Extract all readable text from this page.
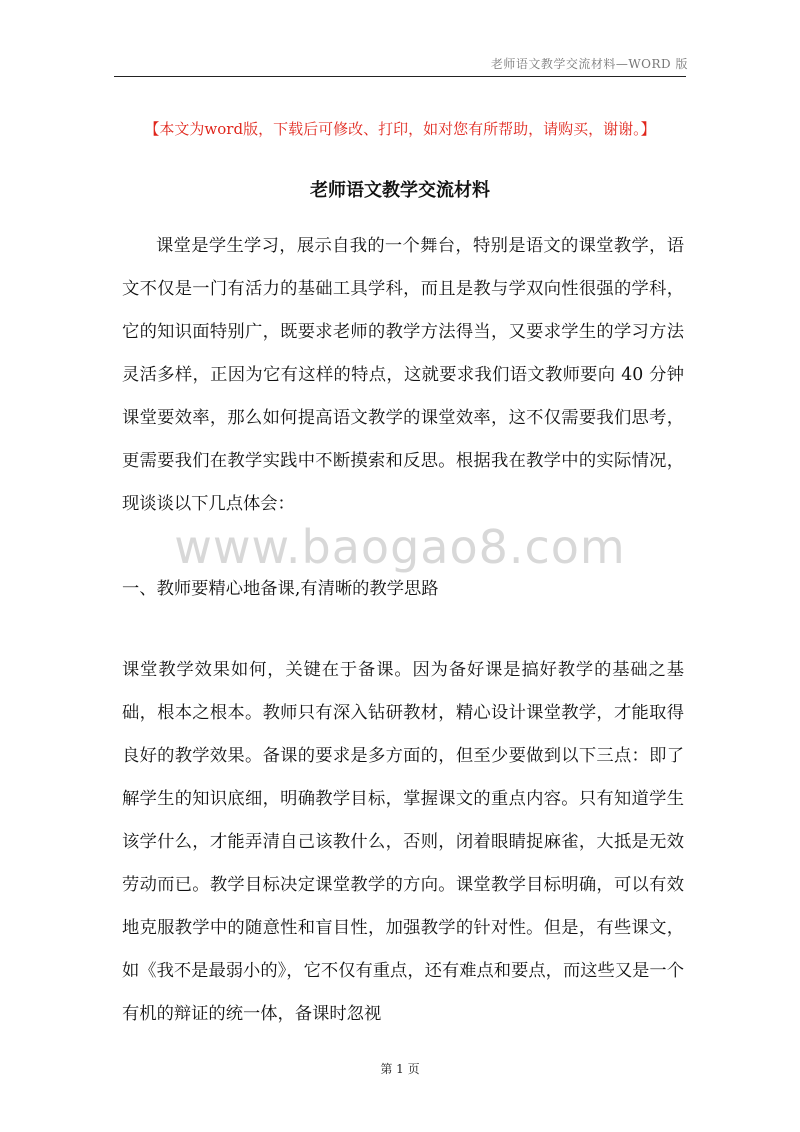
老师语文教学交流材料—WORD 版
【本文为word版，下载后可修改、打印，如对您有所帮助，请购买，谢谢。】
老师语文教学交流材料
课堂是学生学习，展示自我的一个舞台，特别是语文的课堂教学，语文不仅是一门有活力的基础工具学科，而且是教与学双向性很强的学科，它的知识面特别广，既要求老师的教学方法得当，又要求学生的学习方法灵活多样，正因为它有这样的特点，这就要求我们语文教师要向 40 分钟课堂要效率，那么如何提高语文教学的课堂效率，这不仅需要我们思考，更需要我们在教学实践中不断摸索和反思。根据我在教学中的实际情况，现谈谈以下几点体会：
www.baogao8.com
一、教师要精心地备课,有清晰的教学思路
课堂教学效果如何，关键在于备课。因为备好课是搞好教学的基础之基础，根本之根本。教师只有深入钻研教材，精心设计课堂教学，才能取得良好的教学效果。备课的要求是多方面的，但至少要做到以下三点：即了解学生的知识底细，明确教学目标，掌握课文的重点内容。只有知道学生该学什么，才能弄清自己该教什么，否则，闭着眼睛捉麻雀，大抵是无效劳动而已。教学目标决定课堂教学的方向。课堂教学目标明确，可以有效地克服教学中的随意性和盲目性，加强教学的针对性。但是，有些课文，如《我不是最弱小的》，它不仅有重点，还有难点和要点，而这些又是一个有机的辩证的统一体，备课时忽视
第 1 页
